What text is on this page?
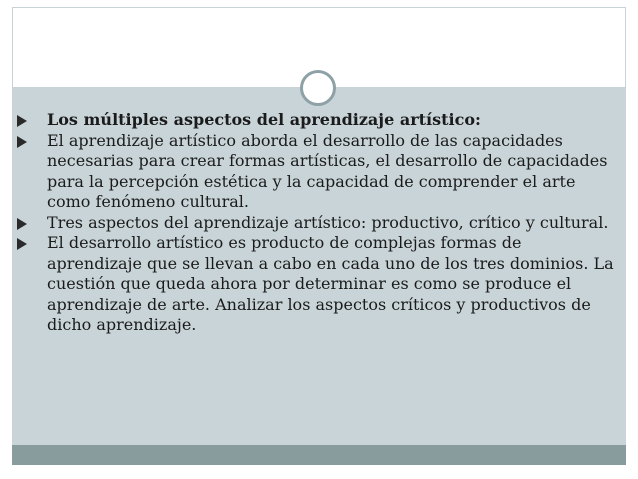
Los múltiples aspectos del aprendizaje artístico:
El aprendizaje artístico aborda el desarrollo de las capacidades necesarias para crear formas artísticas, el desarrollo de capacidades para la percepción estética y la capacidad de comprender el arte como fenómeno cultural.
Tres aspectos del aprendizaje artístico: productivo, crítico y cultural.
El desarrollo artístico es producto de complejas formas de aprendizaje que se llevan a cabo en cada uno de los tres dominios. La cuestión que queda ahora por determinar es como se produce el aprendizaje de arte. Analizar los aspectos críticos y productivos de dicho aprendizaje.
